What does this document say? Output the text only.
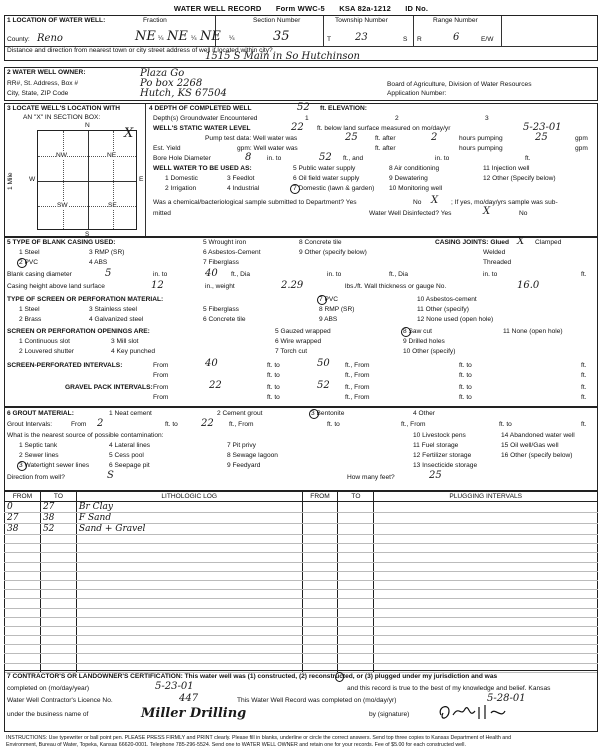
WATER WELL RECORD Form WWC-5 KSA 82a-1212 ID No.
1 LOCATION OF WATER WELL:
County: Reno
Fraction
NE ¼ NE ¼ NE ¼
Section Number
35
Township Number
T 23	S
Range Number
R	6	E/W
Distance and direction from nearest town or city street address of well if located within city?
1515 S Main in So Hutchinson
2 WATER WELL OWNER:	Plaza Go
RR#, St. Address, Box #	Po box 2268
City, State, ZIP Code	Hutch, KS 67504
Board of Agriculture, Division of Water Resources
Application Number:
3 LOCATE WELL'S LOCATION WITH
AN "X" IN SECTION BOX:
NW	NE
SW	SE
X
N
S
W	E
1 Mile
4 DEPTH OF COMPLETED WELL	52 ft. ELEVATION:
Depth(s) Groundwater Encountered	1	2	3
WELL'S STATIC WATER LEVEL	22 ft. below land surface measured on mo/day/yr	5-23-01
Pump test data: Well water was	25	ft. after	2	hours pumping	25	gpm
Est. Yield	gpm: Well water was	ft. after	hours pumping	gpm
Bore Hole Diameter	8 in. to	52 ft., and	in. to	ft.
WELL WATER TO BE USED AS:	5 Public water supply	8 Air conditioning	11 Injection well
1 Domestic	3 Feedlot	6 Oil field water supply	9 Dewatering	12 Other (Specify below)
2 Irrigation	4 Industrial	7 Domestic (lawn & garden) 10 Monitoring well
Was a chemical/bacteriological sample submitted to Department? Yes	No X ; If yes, mo/day/yrs sample was sub-
mitted	Water Well Disinfected? Yes	X	No
5 TYPE OF BLANK CASING USED:
1 Steel	3 RMP (SR)
2 PVC	4 ABS
5 Wrought iron
6 Asbestos-Cement
7 Fiberglass
8 Concrete tile
9 Other (specify below)
CASING JOINTS: Glued X Clamped
Welded
Threaded
Blank casing diameter	5	in. to	40 ft., Dia	in. to	ft., Dia	in. to	ft.
Casing height above land surface	12	in., weight	2.29	lbs./ft. Wall thickness or gauge No.	16.0
TYPE OF SCREEN OR PERFORATION MATERIAL:
1 Steel
2 Brass
3 Stainless steel
4 Galvanized steel
5 Fiberglass
6 Concrete tile
7 PVC
8 RMP (SR)
9 ABS
10 Asbestos-cement
11 Other (specify)
12 None used (open hole)
SCREEN OR PERFORATION OPENINGS ARE:
1 Continuous slot
2 Louvered shutter
3 Mill slot
4 Key punched
5 Gauzed wrapped
6 Wire wrapped
7 Torch cut
8 Saw cut
9 Drilled holes
10 Other (specify)
11 None (open hole)
SCREEN-PERFORATED INTERVALS:	From	40	ft. to	50 ft., From	ft. to	ft.
From	ft. to	ft., From	ft. to	ft.
GRAVEL PACK INTERVALS: From	22	ft. to	52 ft., From	ft. to	ft.
From	ft. to	ft., From	ft. to	ft.
6 GROUT MATERIAL:	1 Neat cement	2 Cement grout	3 Bentonite	4 Other
Grout Intervals:	From 2	ft. to 22 ft., From	ft. to	ft., From	ft. to	ft.
What is the nearest source of possible contamination:	10 Livestock pens	14 Abandoned water well
1 Septic tank	4 Lateral lines	7 Pit privy	11 Fuel storage	15 Oil well/Gas well
2 Sewer lines	5 Cess pool	8 Sewage lagoon	12 Fertilizer storage	16 Other (specify below)
3 Watertight sewer lines	6 Seepage pit	9 Feedyard	13 Insecticide storage
Direction from well?	S	How many feet?	25
FROM	TO	LITHOLOGIC LOG	FROM	TO	PLUGGING INTERVALS
0	27	Br Clay			
27	38	F Sand			
38	52	Sand + Gravel			

7 CONTRACTOR'S OR LANDOWNER'S CERTIFICATION: This water well was (1) constructed, (2) reconstructed, or (3) plugged under my jurisdiction and was
completed on (mo/day/year)	5-23-01	and this record is true to the best of my knowledge and belief. Kansas
Water Well Contractor's Licence No.	447	This Water Well Record was completed on (mo/day/yr)	5-28-01
under the business name of	Miller Drilling	by (signature)
INSTRUCTIONS: Use typewriter or ball point pen. PLEASE PRESS FIRMLY and PRINT clearly. Please fill in blanks, underline or circle the correct answers. Send top three copies to Kansas Department of Health and
Environment, Bureau of Water, Topeka, Kansas 66620-0001. Telephone 785-296-5524. Send one to WATER WELL OWNER and retain one for your records. Fee of $5.00 for each constructed well.
